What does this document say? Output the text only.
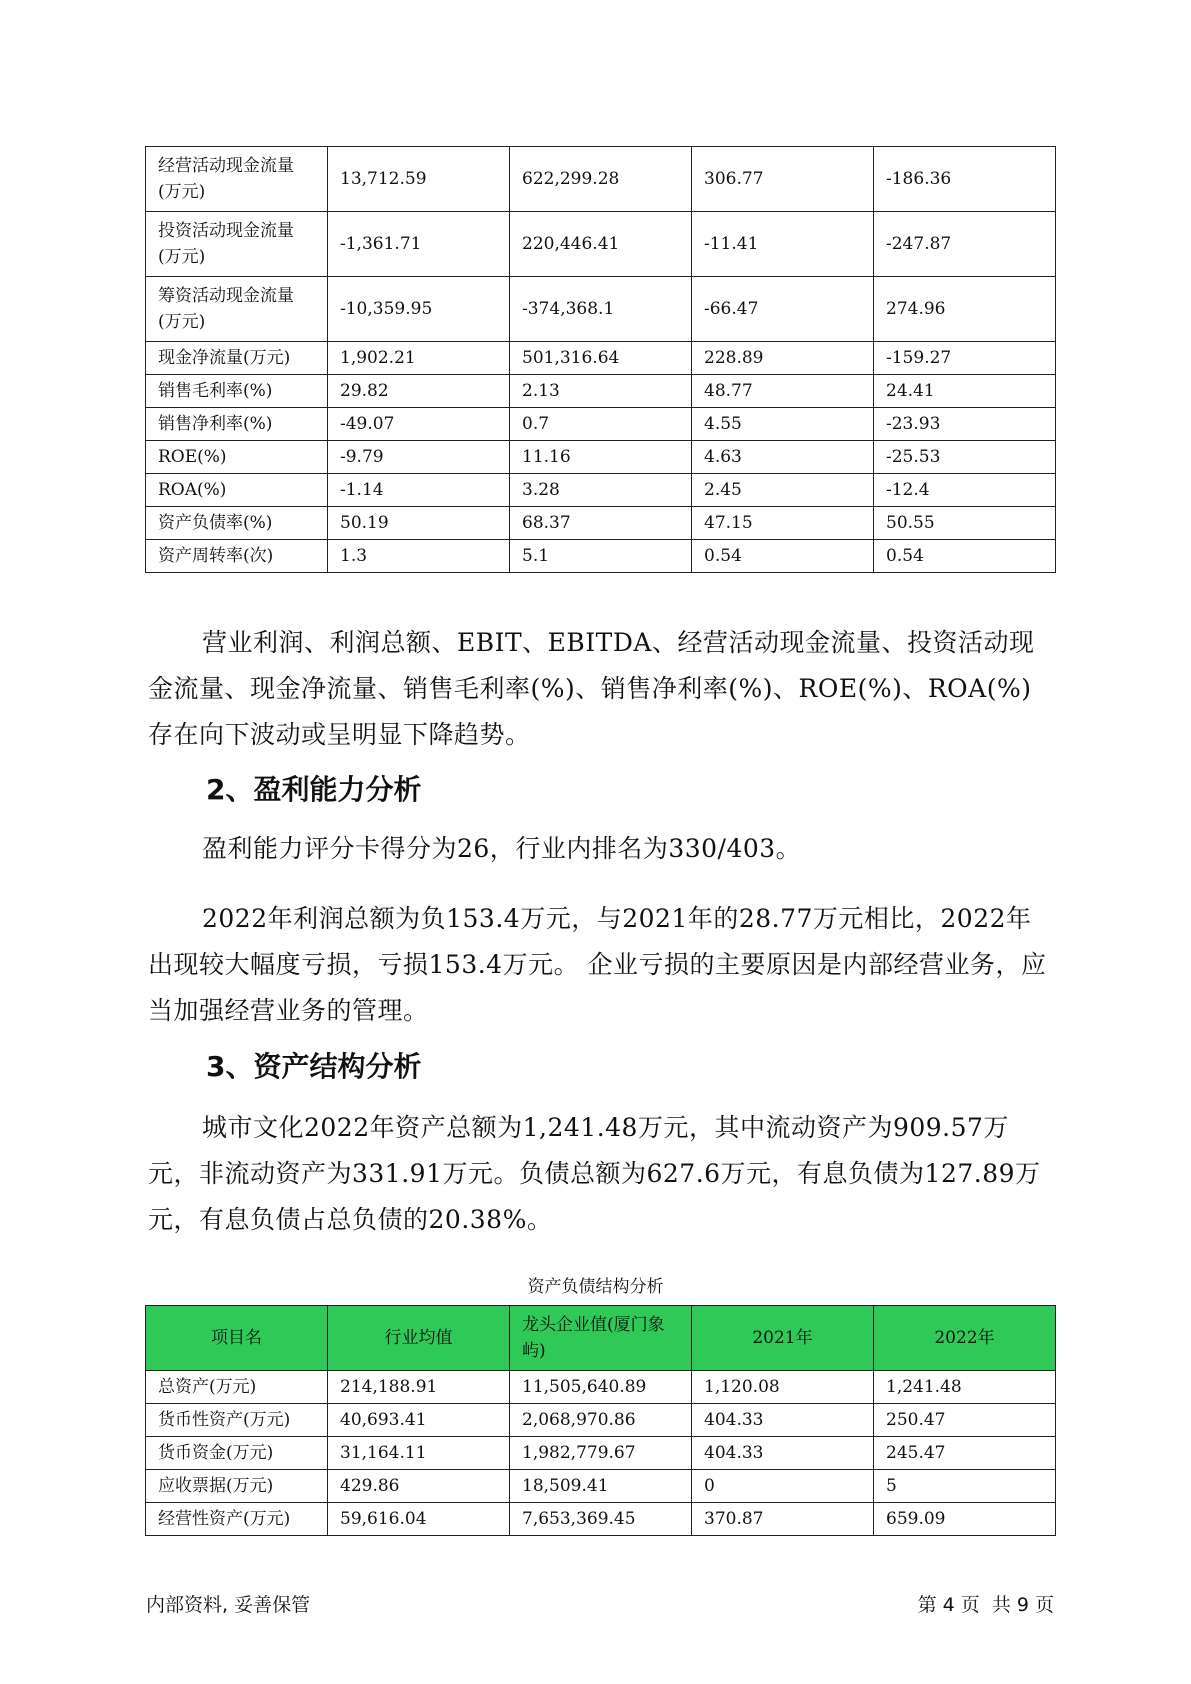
经营活动现金流量(万元)	13,712.59	622,299.28	306.77	-186.36
投资活动现金流量(万元)	-1,361.71	220,446.41	-11.41	-247.87
筹资活动现金流量(万元)	-10,359.95	-374,368.1	-66.47	274.96
现金净流量(万元)	1,902.21	501,316.64	228.89	-159.27
销售毛利率(%)	29.82	2.13	48.77	24.41
销售净利率(%)	-49.07	0.7	4.55	-23.93
ROE(%)	-9.79	11.16	4.63	-25.53
ROA(%)	-1.14	3.28	2.45	-12.4
资产负债率(%)	50.19	68.37	47.15	50.55
资产周转率(次)	1.3	5.1	0.54	0.54
营业利润、利润总额、EBIT、EBITDA、经营活动现金流量、投资活动现金流量、现金净流量、销售毛利率(%)、销售净利率(%)、ROE(%)、ROA(%)存在向下波动或呈明显下降趋势。
2、盈利能力分析
盈利能力评分卡得分为26，行业内排名为330/403。
2022年利润总额为负153.4万元，与2021年的28.77万元相比，2022年出现较大幅度亏损，亏损153.4万元。 企业亏损的主要原因是内部经营业务，应当加强经营业务的管理。
3、资产结构分析
城市文化2022年资产总额为1,241.48万元，其中流动资产为909.57万元，非流动资产为331.91万元。负债总额为627.6万元，有息负债为127.89万元，有息负债占总负债的20.38%。
资产负债结构分析
项目名	行业均值	龙头企业值(厦门象屿)	2021年	2022年
总资产(万元)	214,188.91	11,505,640.89	1,120.08	1,241.48
货币性资产(万元)	40,693.41	2,068,970.86	404.33	250.47
货币资金(万元)	31,164.11	1,982,779.67	404.33	245.47
应收票据(万元)	429.86	18,509.41	0	5
经营性资产(万元)	59,616.04	7,653,369.45	370.87	659.09
内部资料, 妥善保管	第 4 页  共 9 页
